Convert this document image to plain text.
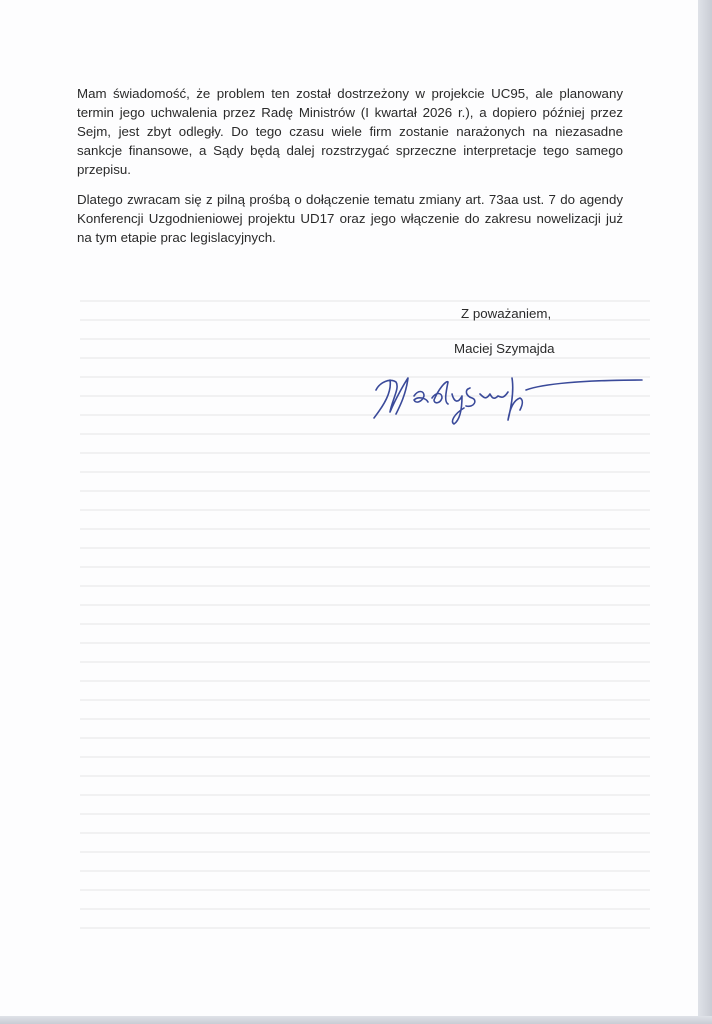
Mam świadomość, że problem ten został dostrzeżony w projekcie UC95, ale planowany termin jego uchwalenia przez Radę Ministrów (I kwartał 2026 r.), a dopiero później przez Sejm, jest zbyt odległy. Do tego czasu wiele firm zostanie narażonych na niezasadne sankcje finansowe, a Sądy będą dalej rozstrzygać sprzeczne interpretacje tego samego przepisu.

Dlatego zwracam się z pilną prośbą o dołączenie tematu zmiany art. 73aa ust. 7 do agendy Konferencji Uzgodnieniowej projektu UD17 oraz jego włączenie do zakresu nowelizacji już na tym etapie prac legislacyjnych.

Z poważaniem,

Maciej Szymajda
